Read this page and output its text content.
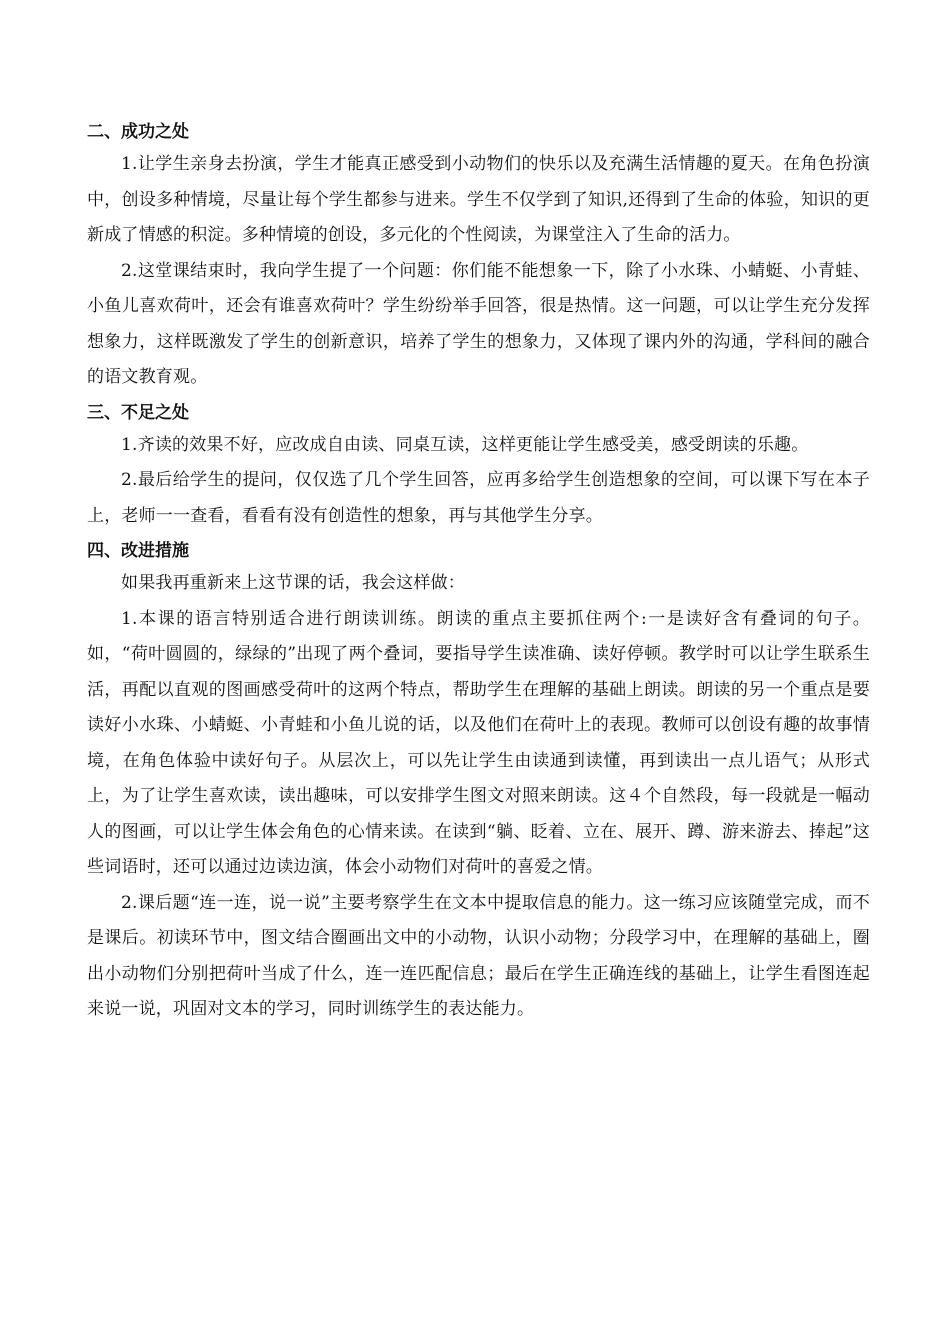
二、成功之处

1.让学生亲身去扮演，学生才能真正感受到小动物们的快乐以及充满生活情趣的夏天。在角色扮演中，创设多种情境，尽量让每个学生都参与进来。学生不仅学到了知识,还得到了生命的体验，知识的更新成了情感的积淀。多种情境的创设，多元化的个性阅读，为课堂注入了生命的活力。

2.这堂课结束时，我向学生提了一个问题：你们能不能想象一下，除了小水珠、小蜻蜓、小青蛙、小鱼儿喜欢荷叶，还会有谁喜欢荷叶？学生纷纷举手回答，很是热情。这一问题，可以让学生充分发挥想象力，这样既激发了学生的创新意识，培养了学生的想象力，又体现了课内外的沟通，学科间的融合的语文教育观。

三、不足之处

1.齐读的效果不好，应改成自由读、同桌互读，这样更能让学生感受美，感受朗读的乐趣。

2.最后给学生的提问，仅仅选了几个学生回答，应再多给学生创造想象的空间，可以课下写在本子上，老师一一查看，看看有没有创造性的想象，再与其他学生分享。

四、改进措施

如果我再重新来上这节课的话，我会这样做：

1.本课的语言特别适合进行朗读训练。朗读的重点主要抓住两个:一是读好含有叠词的句子。如，“荷叶圆圆的，绿绿的”出现了两个叠词，要指导学生读准确、读好停顿。教学时可以让学生联系生活，再配以直观的图画感受荷叶的这两个特点，帮助学生在理解的基础上朗读。朗读的另一个重点是要读好小水珠、小蜻蜓、小青蛙和小鱼儿说的话，以及他们在荷叶上的表现。教师可以创设有趣的故事情境，在角色体验中读好句子。从层次上，可以先让学生由读通到读懂，再到读出一点儿语气；从形式上，为了让学生喜欢读，读出趣味，可以安排学生图文对照来朗读。这４个自然段，每一段就是一幅动人的图画，可以让学生体会角色的心情来读。在读到“躺、眨着、立在、展开、蹲、游来游去、捧起”这些词语时，还可以通过边读边演，体会小动物们对荷叶的喜爱之情。

2.课后题“连一连，说一说”主要考察学生在文本中提取信息的能力。这一练习应该随堂完成，而不是课后。初读环节中，图文结合圈画出文中的小动物，认识小动物；分段学习中，在理解的基础上，圈出小动物们分别把荷叶当成了什么，连一连匹配信息；最后在学生正确连线的基础上，让学生看图连起来说一说，巩固对文本的学习，同时训练学生的表达能力。
